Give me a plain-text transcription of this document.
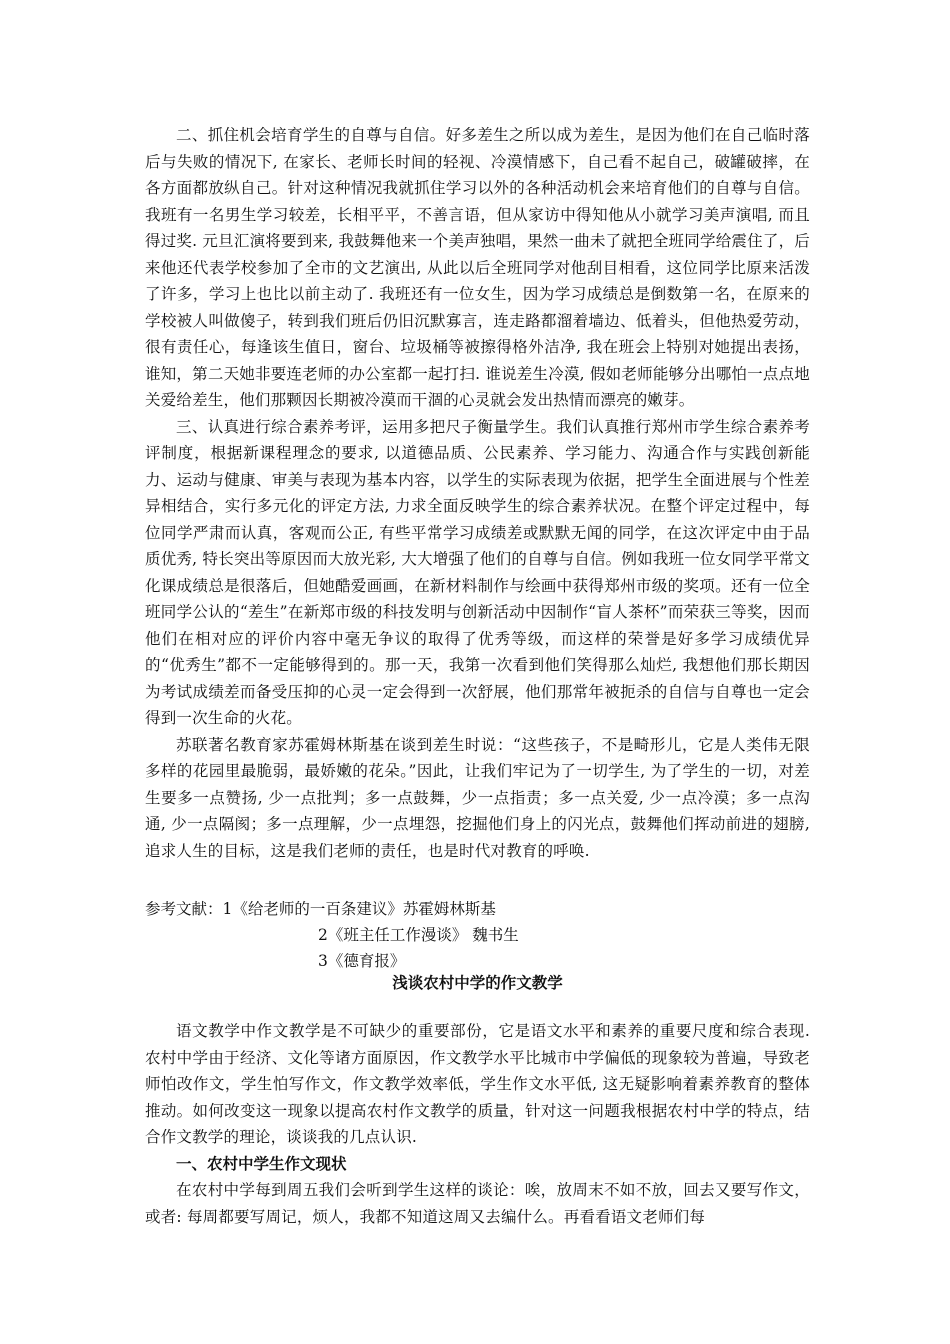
二、抓住机会培育学生的自尊与自信。好多差生之所以成为差生，是因为他们在自己临时落后与失败的情况下, 在家长、老师长时间的轻视、冷漠情感下，自己看不起自己，破罐破摔，在各方面都放纵自己。针对这种情况我就抓住学习以外的各种活动机会来培育他们的自尊与自信。我班有一名男生学习较差，长相平平，不善言语，但从家访中得知他从小就学习美声演唱, 而且得过奖. 元旦汇演将要到来, 我鼓舞他来一个美声独唱，果然一曲未了就把全班同学给震住了，后来他还代表学校参加了全市的文艺演出, 从此以后全班同学对他刮目相看，这位同学比原来活泼了许多，学习上也比以前主动了. 我班还有一位女生，因为学习成绩总是倒数第一名，在原来的学校被人叫做傻子，转到我们班后仍旧沉默寡言，连走路都溜着墙边、低着头，但他热爱劳动，很有责任心，每逢该生值日，窗台、垃圾桶等被擦得格外洁净, 我在班会上特别对她提出表扬，谁知，第二天她非要连老师的办公室都一起打扫. 谁说差生冷漠, 假如老师能够分出哪怕一点点地关爱给差生，他们那颗因长期被冷漠而干涸的心灵就会发出热情而漂亮的嫩芽。

三、认真进行综合素养考评，运用多把尺子衡量学生。我们认真推行郑州市学生综合素养考评制度，根据新课程理念的要求, 以道德品质、公民素养、学习能力、沟通合作与实践创新能力、运动与健康、审美与表现为基本内容，以学生的实际表现为依据，把学生全面进展与个性差异相结合，实行多元化的评定方法, 力求全面反映学生的综合素养状况。在整个评定过程中，每位同学严肃而认真，客观而公正, 有些平常学习成绩差或默默无闻的同学，在这次评定中由于品质优秀, 特长突出等原因而大放光彩, 大大增强了他们的自尊与自信。例如我班一位女同学平常文化课成绩总是很落后，但她酷爱画画，在新材料制作与绘画中获得郑州市级的奖项。还有一位全班同学公认的“差生”在新郑市级的科技发明与创新活动中因制作“盲人茶杯”而荣获三等奖，因而他们在相对应的评价内容中毫无争议的取得了优秀等级，而这样的荣誉是好多学习成绩优异的“优秀生”都不一定能够得到的。那一天，我第一次看到他们笑得那么灿烂, 我想他们那长期因为考试成绩差而备受压抑的心灵一定会得到一次舒展，他们那常年被扼杀的自信与自尊也一定会得到一次生命的火花。

苏联著名教育家苏霍姆林斯基在谈到差生时说：“这些孩子，不是畸形儿，它是人类伟无限多样的花园里最脆弱，最娇嫩的花朵。”因此，让我们牢记为了一切学生, 为了学生的一切，对差生要多一点赞扬, 少一点批判；多一点鼓舞，少一点指责；多一点关爱, 少一点冷漠；多一点沟通, 少一点隔阂；多一点理解，少一点埋怨，挖掘他们身上的闪光点，鼓舞他们挥动前进的翅膀, 追求人生的目标，这是我们老师的责任，也是时代对教育的呼唤.

参考文献：1《给老师的一百条建议》苏霍姆林斯基

2《班主任工作漫谈》 魏书生

3《德育报》

浅谈农村中学的作文教学

语文教学中作文教学是不可缺少的重要部份，它是语文水平和素养的重要尺度和综合表现. 农村中学由于经济、文化等诸方面原因，作文教学水平比城市中学偏低的现象较为普遍，导致老师怕改作文，学生怕写作文，作文教学效率低，学生作文水平低, 这无疑影响着素养教育的整体推动。如何改变这一现象以提高农村作文教学的质量，针对这一问题我根据农村中学的特点，结合作文教学的理论，谈谈我的几点认识.

一、农村中学生作文现状

在农村中学每到周五我们会听到学生这样的谈论：唉，放周末不如不放，回去又要写作文，或者: 每周都要写周记，烦人，我都不知道这周又去编什么。再看看语文老师们每
